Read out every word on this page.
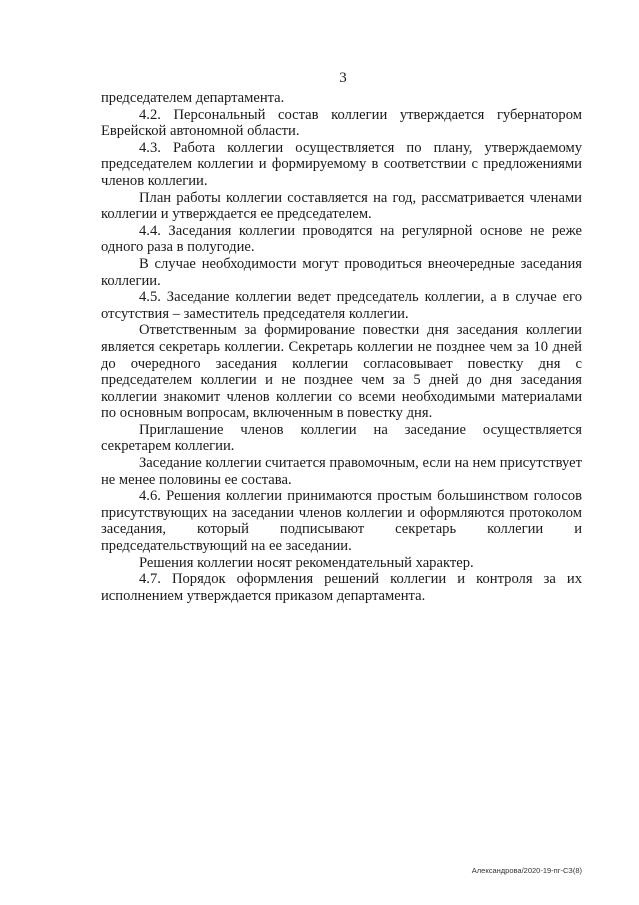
3

председателем департамента.

4.2. Персональный состав коллегии утверждается губернатором Еврейской автономной области.

4.3. Работа коллегии осуществляется по плану, утверждаемому председателем коллегии и формируемому в соответствии с предложениями членов коллегии.

План работы коллегии составляется на год, рассматривается членами коллегии и утверждается ее председателем.

4.4. Заседания коллегии проводятся на регулярной основе не реже одного раза в полугодие.

В случае необходимости могут проводиться внеочередные заседания коллегии.

4.5. Заседание коллегии ведет председатель коллегии, а в случае его отсутствия – заместитель председателя коллегии.

Ответственным за формирование повестки дня заседания коллегии является секретарь коллегии. Секретарь коллегии не позднее чем за 10 дней до очередного заседания коллегии согласовывает повестку дня с председателем коллегии и не позднее чем за 5 дней до дня заседания коллегии знакомит членов коллегии со всеми необходимыми материалами по основным вопросам, включенным в повестку дня.

Приглашение членов коллегии на заседание осуществляется секретарем коллегии.

Заседание коллегии считается правомочным, если на нем присутствует не менее половины ее состава.

4.6. Решения коллегии принимаются простым большинством голосов присутствующих на заседании членов коллегии и оформляются протоколом заседания, который подписывают секретарь коллегии и председательствующий на ее заседании.

Решения коллегии носят рекомендательный характер.

4.7. Порядок оформления решений коллегии и контроля за их исполнением утверждается приказом департамента.

Александрова/2020-19-пг-СЗ(8)
